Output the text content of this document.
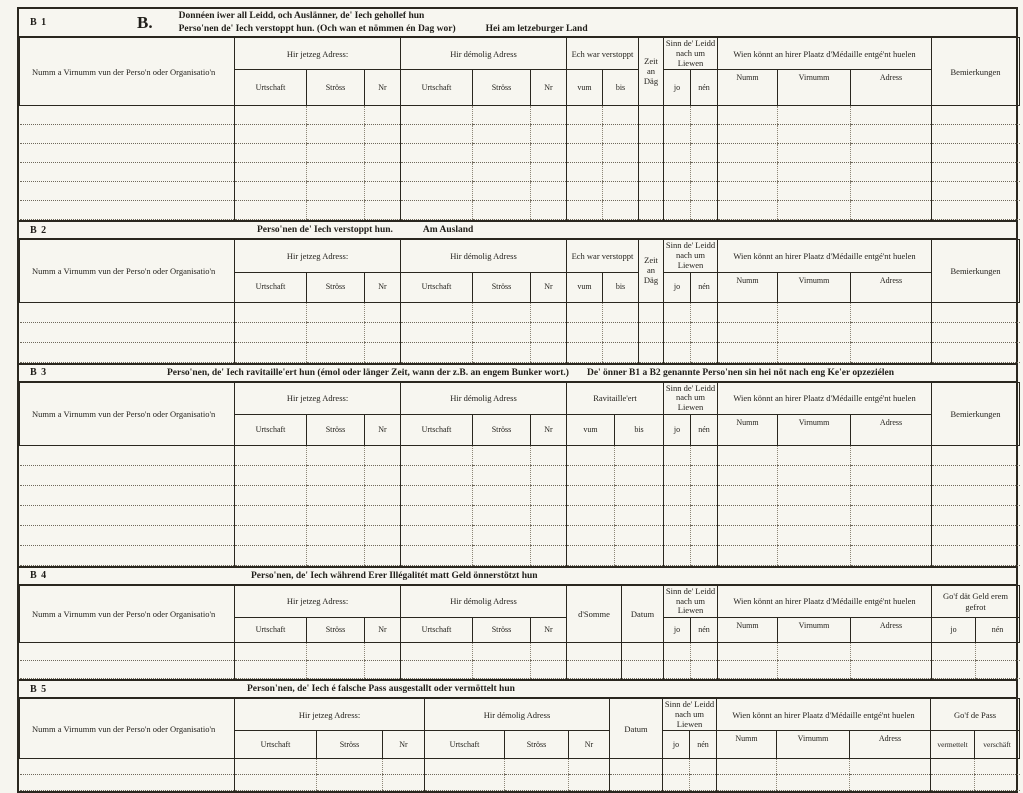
B 1	B.	Donnéen iwer all Leidd, och Auslänner, de' Iech gehollef hun
Perso'nen de' Iech verstoppt hun. (Och wan et nömmen én Dag wor)	Hei am letzeburger Land
Numm a Virnumm vun der Perso'n oder Organisatio'n	Hir jetzeg Adress:			Hir démolig Adress			Ech war verstoppt		Zeit an Däg	Sinn de' Leidd nach um Liewen		Wien könnt an hirer Plaatz d'Médaille entgé'nt huelen			Bemierkungen
	Urtschaft	Ströss	Nr	Urtschaft	Ströss	Nr	vum	bis		jo	nén	Numm	Virnumm	Adress	

B 2	Perso'nen de' Iech verstoppt hun.	Am Ausland
Numm a Virnumm vun der Perso'n oder Organisatio'n	Hir jetzeg Adress:			Hir démolig Adress			Ech war verstoppt		Zeit an Däg	Sinn de' Leidd nach um Liewen		Wien könnt an hirer Plaatz d'Médaille entgé'nt huelen			Bemierkungen
	Urtschaft	Ströss	Nr	Urtschaft	Ströss	Nr	vum	bis		jo	nén	Numm	Virnumm	Adress	

B 3	Perso'nen, de' Iech ravitaille'ert hun (émol oder länger Zeit, wann der z.B. an engem Bunker wort.) De' önner B1 a B2 genannte Perso'nen sin hei nöt nach eng Ke'er opzeziélen
Numm a Virnumm vun der Perso'n oder Organisatio'n	Hir jetzeg Adress:			Hir démolig Adress			Ravitaille'ert		Sinn de' Leidd nach um Liewen		Wien könnt an hirer Plaatz d'Médaille entgé'nt huelen			Bemierkungen
	Urtschaft	Ströss	Nr	Urtschaft	Ströss	Nr	vum	bis	jo	nén	Numm	Virnumm	Adress	

B 4	Perso'nen, de' Iech während Erer Illégalitét matt Geld önnerstötzt hun
Numm a Virnumm vun der Perso'n oder Organisatio'n	Hir jetzeg Adress:			Hir démolig Adress			d'Somme	Datum	Sinn de' Leidd nach um Liewen		Wien könnt an hirer Plaatz d'Médaille entgé'nt huelen			Go'f dät Geld erem gefrot	
	Urtschaft	Ströss	Nr	Urtschaft	Ströss	Nr			jo	nén	Numm	Virnumm	Adress	jo	nén

B 5	Person'nen, de' Iech é falsche Pass ausgestallt oder vermöttelt hun
Numm a Virnumm vun der Perso'n oder Organisatio'n	Hir jetzeg Adress:			Hir démolig Adress			Datum	Sinn de' Leidd nach um Liewen		Wien könnt an hirer Plaatz d'Médaille entgé'nt huelen			Go'f de Pass	
	Urtschaft	Ströss	Nr	Urtschaft	Ströss	Nr		jo	nén	Numm	Virnumm	Adress	vermettelt	verschäft
